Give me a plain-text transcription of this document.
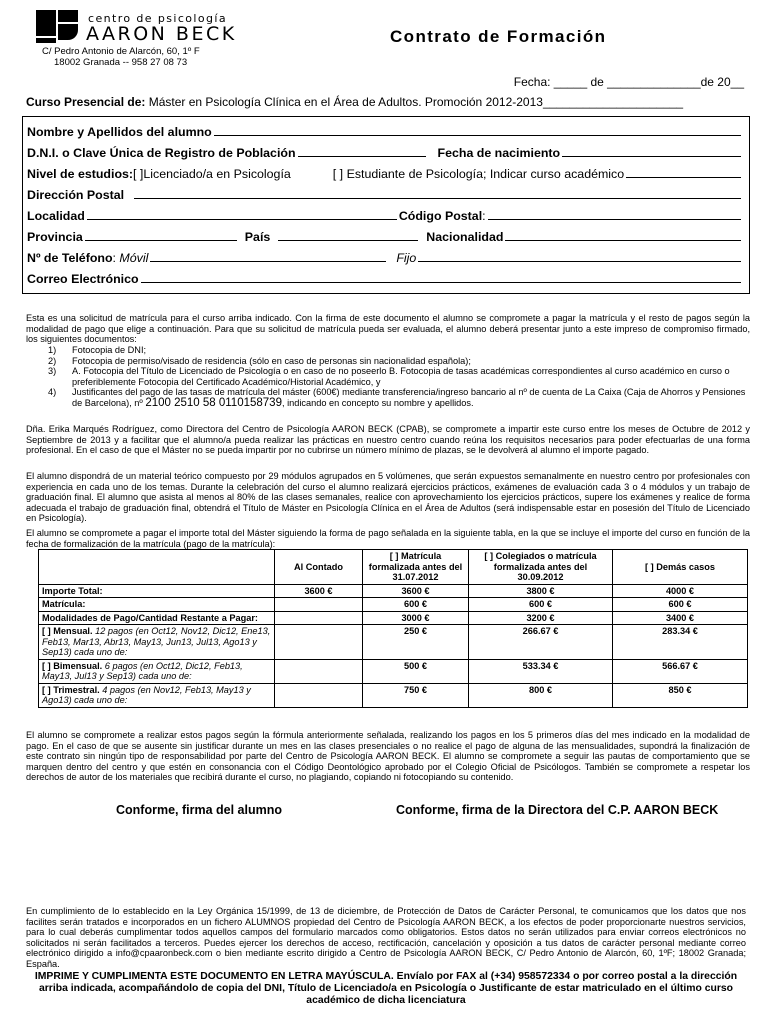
centro de psicología
AARON BECK
C/ Pedro Antonio de Alarcón, 60, 1º F
18002 Granada -- 958 27 08 73
Contrato de Formación
Fecha: _____ de ______________de 20__
Curso Presencial de: Máster en Psicología Clínica en el Área de Adultos. Promoción 2012-2013_____________________
Nombre y Apellidos del alumno
D.N.I. o Clave Única de Registro de Población	Fecha de nacimiento
Nivel de estudios: [ ]Licenciado/a en Psicología	[ ] Estudiante de Psicología; Indicar curso académico
Dirección Postal
Localidad	Código Postal :
Provincia	País	Nacionalidad
Nº de Teléfono : Móvil	Fijo
Correo Electrónico
Esta es una solicitud de matrícula para el curso arriba indicado. Con la firma de este documento el alumno se compromete a pagar la matrícula y el resto de pagos según la modalidad de pago que elige a continuación. Para que su solicitud de matrícula pueda ser evaluada, el alumno deberá presentar junto a este impreso de compromiso firmado, los siguientes documentos:
1)	Fotocopia de DNI;
2)	Fotocopia de permiso/visado de residencia (sólo en caso de personas sin nacionalidad española);
3)	A. Fotocopia del Título de Licenciado de Psicología o en caso de no poseerlo B. Fotocopia de tasas académicas correspondientes al curso académico en curso o preferiblemente Fotocopia del Certificado Académico/Historial Académico, y
4)	Justificantes del pago de las tasas de matrícula del máster (600€) mediante transferencia/ingreso bancario al nº de cuenta de La Caixa (Caja de Ahorros y Pensiones de Barcelona), nº 2100 2510 58 0110158739, indicando en concepto su nombre y apellidos.
Dña. Erika Marqués Rodríguez, como Directora del Centro de Psicología AARON BECK (CPAB), se compromete a impartir este curso entre los meses de Octubre de 2012 y Septiembre de 2013 y a facilitar que el alumno/a pueda realizar las prácticas en nuestro centro cuando reúna los requisitos necesarios para poder efectuarlas de una forma profesional. En el caso de que el Máster no se pueda impartir por no cubrirse un número mínimo de plazas, se le devolverá al alumno el importe pagado.
El alumno dispondrá de un material teórico compuesto por 29 módulos agrupados en 5 volúmenes, que serán expuestos semanalmente en nuestro centro por profesionales con experiencia en cada uno de los temas. Durante la celebración del curso el alumno realizará ejercicios prácticos, exámenes de evaluación cada 3 o 4 módulos y un trabajo de graduación final. El alumno que asista al menos al 80% de las clases semanales, realice con aprovechamiento los ejercicios prácticos, supere los exámenes y realice de forma adecuada el trabajo de graduación final, obtendrá el Título de Máster en Psicología Clínica en el Área de Adultos (será indispensable estar en posesión del Título de Licenciado en Psicología).
El alumno se compromete a pagar el importe total del Máster siguiendo la forma de pago señalada en la siguiente tabla, en la que se incluye el importe del curso en función de la fecha de formalización de la matrícula (pago de la matrícula):
	Al Contado	[ ] Matrícula formalizada antes del 31.07.2012	[ ] Colegiados o matrícula formalizada antes del 30.09.2012	[ ] Demás casos
Importe Total:	3600 €	3600 €	3800 €	4000 €
Matrícula:		600 €	600 €	600 €
Modalidades de Pago/Cantidad Restante a Pagar:		3000 €	3200 €	3400 €
[ ] Mensual. 12 pagos (en Oct12, Nov12, Dic12, Ene13, Feb13, Mar13, Abr13, May13, Jun13, Jul13, Ago13 y Sep13) cada uno de:		250 €	266.67 €	283.34 €
[ ] Bimensual. 6 pagos (en Oct12, Dic12, Feb13, May13, Jul13 y Sep13) cada uno de:		500 €	533.34 €	566.67 €
[ ] Trimestral. 4 pagos (en Nov12, Feb13, May13 y Ago13) cada uno de:		750 €	800 €	850 €
El alumno se compromete a realizar estos pagos según la fórmula anteriormente señalada, realizando los pagos en los 5 primeros días del mes indicado en la modalidad de pago. En el caso de que se ausente sin justificar durante un mes en las clases presenciales o no realice el pago de alguna de las mensualidades, supondrá la finalización de este contrato sin ningún tipo de responsabilidad por parte del Centro de Psicología AARON BECK. El alumno se compromete a seguir las pautas de comportamiento que se marquen dentro del centro y que estén en consonancia con el Código Deontológico aprobado por el Colegio Oficial de Psicólogos. También se compromete a respetar los derechos de autor de los materiales que recibirá durante el curso, no plagiando, copiando ni fotocopiando su contenido.
Conforme, firma del alumno	Conforme, firma de la Directora del C.P. AARON BECK
En cumplimiento de lo establecido en la Ley Orgánica 15/1999, de 13 de diciembre, de Protección de Datos de Carácter Personal, te comunicamos que los datos que nos facilites serán tratados e incorporados en un fichero ALUMNOS propiedad del Centro de Psicología AARON BECK, a los efectos de poder proporcionarte nuestros servicios, para lo cual deberás cumplimentar todos aquellos campos del formulario marcados como obligatorios. Estos datos no serán utilizados para enviar correos electrónicos no solicitados ni serán facilitados a terceros. Puedes ejercer los derechos de acceso, rectificación, cancelación y oposición a tus datos de carácter personal mediante correo electrónico dirigido a info@cpaaronbeck.com o bien mediante escrito dirigido a Centro de Psicología AARON BECK, C/ Pedro Antonio de Alarcón, 60, 1ºF; 18002 Granada; España.
IMPRIME Y CUMPLIMENTA ESTE DOCUMENTO EN LETRA MAYÚSCULA. Envíalo por FAX al (+34) 958572334 o por correo postal a la dirección arriba indicada, acompañándolo de copia del DNI, Título de Licenciado/a en Psicología o Justificante de estar matriculado en el último curso académico de dicha licenciatura
